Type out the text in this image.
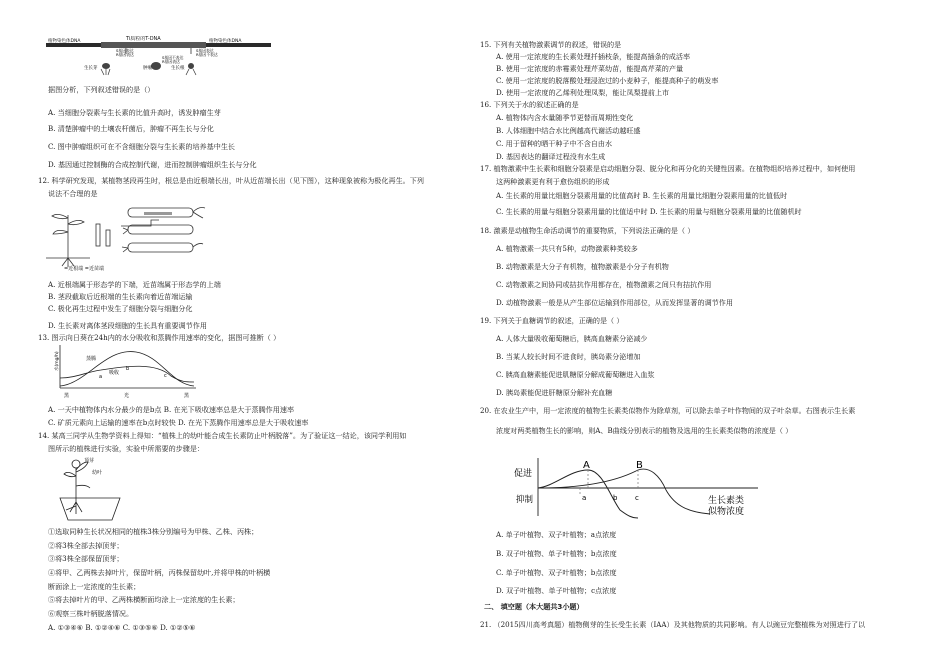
Ti质粒的T-DNA
植物染色体DNA	植物染色体DNA
S基因表达
R基因表达
S基因不表达
R基因表达
S基因表达
R基因不表达
生长芽	肿瘤	生长根
据图分析，下列叙述错误的是（）
A. 当细胞分裂素与生长素的比值升高时，诱发肿瘤生芽
B. 清楚肿瘤中的土壤农杆菌后，肿瘤不再生长与分化
C. 图中肿瘤组织可在不含细胞分裂与生长素的培养基中生长
D. 基因通过控制酶的合成控制代谢，进而控制肿瘤组织生长与分化
12. 科学研究发现，某植物茎段再生时，根总是由近根端长出，叶从近苗端长出（见下图），这种现象被称为极化再生。下列
说法不合理的是
=近根端 =近苗端
A. 近根端属于形态学的下端，近苗端属于形态学的上端
B. 茎段截取后近根端的生长素向着近苗端运输
C. 极化再生过程中发生了细胞分裂与细胞分化
D. 生长素对离体茎段细胞的生长具有重要调节作用
13. 图示向日葵在24h内的水分吸收和蒸腾作用速率的变化，据图可推断（ ）
水(mg/h)	蒸腾
吸收
a
b
c
黑	光	黑
A. 一天中植物体内水分最少的是b点 B. 在光下吸收速率总是大于蒸腾作用速率
C. 矿质元素向上运输的速率在b点时较快 D. 在光下蒸腾作用速率总是大于吸收速率
14. 某高三同学从生物学资料上得知：“植株上的幼叶能合成生长素防止叶柄脱落”。为了验证这一结论，该同学利用如
图所示的植株进行实验，实验中所需要的步骤是：
顶芽
幼叶
①选取同种生长状况相同的植株3株分别编号为甲株、乙株、丙株；
②将3株全部去掉顶芽；
③将3株全部保留顶芽；
④将甲、乙两株去掉叶片，保留叶柄，丙株保留幼叶,并将甲株的叶柄横
断面涂上一定浓度的生长素；
⑤将去掉叶片的甲、乙两株横断面均涂上一定浓度的生长素；
⑥观察三株叶柄脱落情况。
A. ①③④⑥ B. ①②④⑥ C. ①③⑤⑥ D. ①②⑤⑥
15. 下列有关植物激素调节的叙述，错误的是
A. 使用一定浓度的生长素处理扦插枝条，能提高插条的成活率
B. 使用一定浓度的赤霉素处理芹菜幼苗，能提高芹菜的产量
C. 使用一定浓度的脱落酸处理浸泡过的小麦种子，能提高种子的萌发率
D. 使用一定浓度的乙烯利处理凤梨，能让凤梨提前上市
16. 下列关于水的叙述正确的是
A. 植物体内含水量随季节更替而周期性变化
B. 人体细胞中结合水比例越高代谢活动越旺盛
C. 用于留种的晒干种子中不含自由水
D. 基因表达的翻译过程没有水生成
17. 植物激素中生长素和细胞分裂素是启动细胞分裂、脱分化和再分化的关键性因素。在植物组织培养过程中，如何使用
这两种激素更有利于愈伤组织的形成
A. 生长素的用量比细胞分裂素用量的比值高时 B. 生长素的用量比细胞分裂素用量的比值低时
C. 生长素的用量与细胞分裂素用量的比值适中时 D. 生长素的用量与细胞分裂素用量的比值随机时
18. 激素是动植物生命活动调节的重要物质，下列说法正确的是（ ）
A. 植物激素一共只有5种，动物激素种类较多
B. 动物激素是大分子有机物，植物激素是小分子有机物
C. 动物激素之间协同或拮抗作用都存在，植物激素之间只有拮抗作用
D. 动植物激素一般是从产生部位运输到作用部位，从而发挥显著的调节作用
19. 下列关于血糖调节的叙述，正确的是（ ）
A. 人体大量吸收葡萄糖后，胰高血糖素分泌减少
B. 当某人较长时间不进食时，胰岛素分泌增加
C. 胰高血糖素能促进肌糖原分解成葡萄糖进入血浆
D. 胰岛素能促进肝糖原分解补充血糖
20. 在农业生产中，用一定浓度的植物生长素类似物作为除草剂，可以除去单子叶作物间的双子叶杂草。右图表示生长素
浓度对两类植物生长的影响，则A、B曲线分别表示的植物及选用的生长素类似物的浓度是（ ）
促进
抑制
A	B
a	b	c	生长素类
似物浓度
A. 单子叶植物、双子叶植物；a点浓度
B. 双子叶植物、单子叶植物；b点浓度
C. 单子叶植物、双子叶植物；b点浓度
D. 双子叶植物、单子叶植物；c点浓度
二、 填空题（本大题共3小题）
21. （2015四川高考真题）植物侧芽的生长受生长素（IAA）及其他物质的共同影响。有人以豌豆完整植株为对照进行了以
